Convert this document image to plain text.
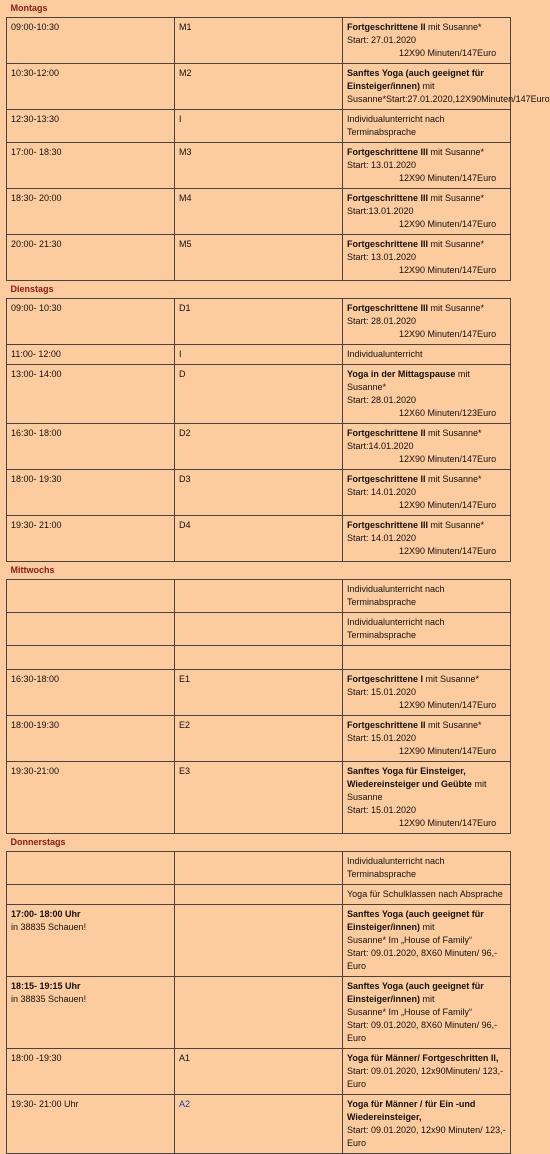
Montags		
09:00-10:30	M1	Fortgeschrittene II mit Susanne*
Start: 27.01.202012X90 Minuten/147Euro
10:30-12:00	M2	Sanftes Yoga (auch geeignet für Einsteiger/innen) mit
Susanne*Start:27.01.2020,12X90Minuten/147Euro
12:30-13:30	I	Individualunterricht nach Terminabsprache
17:00- 18:30	M3	Fortgeschrittene III mit Susanne*
Start: 13.01.202012X90 Minuten/147Euro
18:30- 20:00	M4	Fortgeschrittene III mit Susanne*
Start:13.01.202012X90 Minuten/147Euro
20:00- 21:30	M5	Fortgeschrittene III mit Susanne*
Start: 13.01.202012X90 Minuten/147Euro
Dienstags		
09:00- 10:30	D1	Fortgeschrittene III mit Susanne*
Start: 28.01.202012X90 Minuten/147Euro
11:00- 12:00	I	Individualunterricht
13:00- 14:00	D	Yoga in der Mittagspause mit Susanne*
Start: 28.01.202012X60 Minuten/123Euro
16:30- 18:00	D2	Fortgeschrittene II mit Susanne*
Start:14.01.202012X90 Minuten/147Euro
18:00- 19:30	D3	Fortgeschrittene II mit Susanne*
Start: 14.01.202012X90 Minuten/147Euro
19:30- 21:00	D4	Fortgeschrittene III mit Susanne*
Start: 14.01.202012X90 Minuten/147Euro
Mittwochs		
		Individualunterricht nach Terminabsprache
		Individualunterricht nach Terminabsprache

16:30-18:00	E1	Fortgeschrittene I mit Susanne*
Start: 15.01.202012X90 Minuten/147Euro
18:00-19:30	E2	Fortgeschrittene II mit Susanne*
Start: 15.01.202012X90 Minuten/147Euro
19:30-21:00	E3	Sanftes Yoga für Einsteiger, Wiedereinsteiger und Geübte mit Susanne
Start: 15.01.202012X90 Minuten/147Euro
Donnerstags		
		Individualunterricht nach Terminabsprache
		Yoga für Schulklassen nach Absprache
17:00- 18:00 Uhr
in 38835 Schauen!		Sanftes Yoga (auch geeignet für Einsteiger/innen) mit
Susanne* Im „House of Family“
Start: 09.01.2020, 8X60 Minuten/ 96,-Euro
18:15- 19:15 Uhr
in 38835 Schauen!		Sanftes Yoga (auch geeignet für Einsteiger/innen) mit
Susanne* Im „House of Family“
Start: 09.01.2020, 8X60 Minuten/ 96,-Euro
18:00 -19:30	A1	Yoga für Männer/ Fortgeschritten II,
Start: 09.01.2020, 12x90Minuten/ 123,-Euro
19:30- 21:00 Uhr	A2	Yoga für Männer / für Ein -und Wiedereinsteiger,
Start: 09.01.2020, 12x90 Minuten/ 123,- Euro
